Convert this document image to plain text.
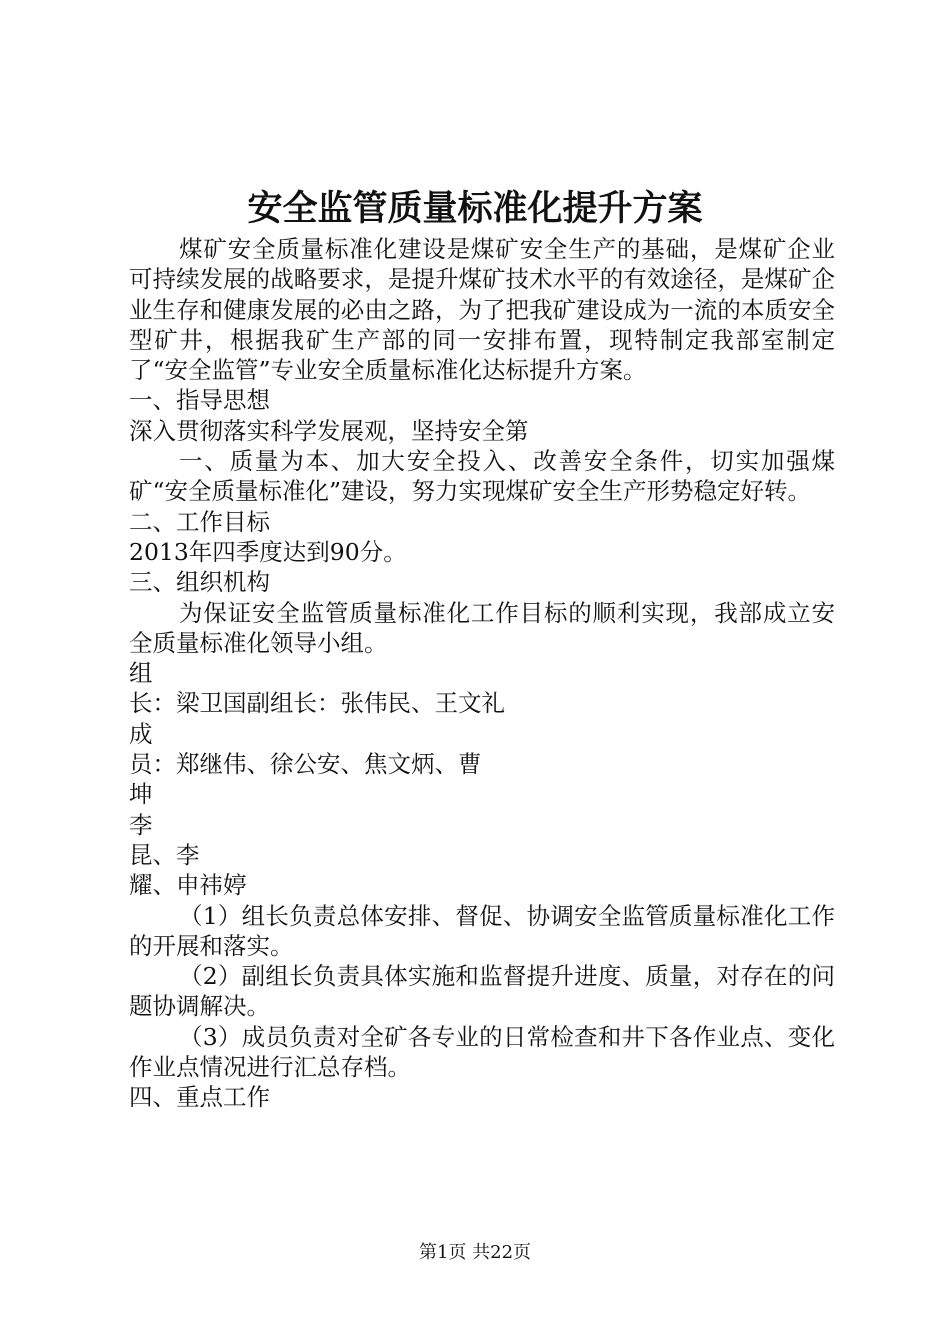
安全监管质量标准化提升方案

煤矿安全质量标准化建设是煤矿安全生产的基础，是煤矿企业可持续发展的战略要求，是提升煤矿技术水平的有效途径，是煤矿企业生存和健康发展的必由之路，为了把我矿建设成为一流的本质安全型矿井，根据我矿生产部的同一安排布置，现特制定我部室制定了“安全监管”专业安全质量标准化达标提升方案。

一、指导思想

深入贯彻落实科学发展观，坚持安全第

一、质量为本、加大安全投入、改善安全条件，切实加强煤矿“安全质量标准化”建设，努力实现煤矿安全生产形势稳定好转。

二、工作目标

2013年四季度达到90分。

三、组织机构

为保证安全监管质量标准化工作目标的顺利实现，我部成立安全质量标准化领导小组。

组

长：梁卫国副组长：张伟民、王文礼

成

员：郑继伟、徐公安、焦文炳、曹

坤

李

昆、李

耀、申祎婷

（1）组长负责总体安排、督促、协调安全监管质量标准化工作的开展和落实。

（2）副组长负责具体实施和监督提升进度、质量，对存在的问题协调解决。

（3）成员负责对全矿各专业的日常检查和井下各作业点、变化作业点情况进行汇总存档。

四、重点工作

第1页 共22页
